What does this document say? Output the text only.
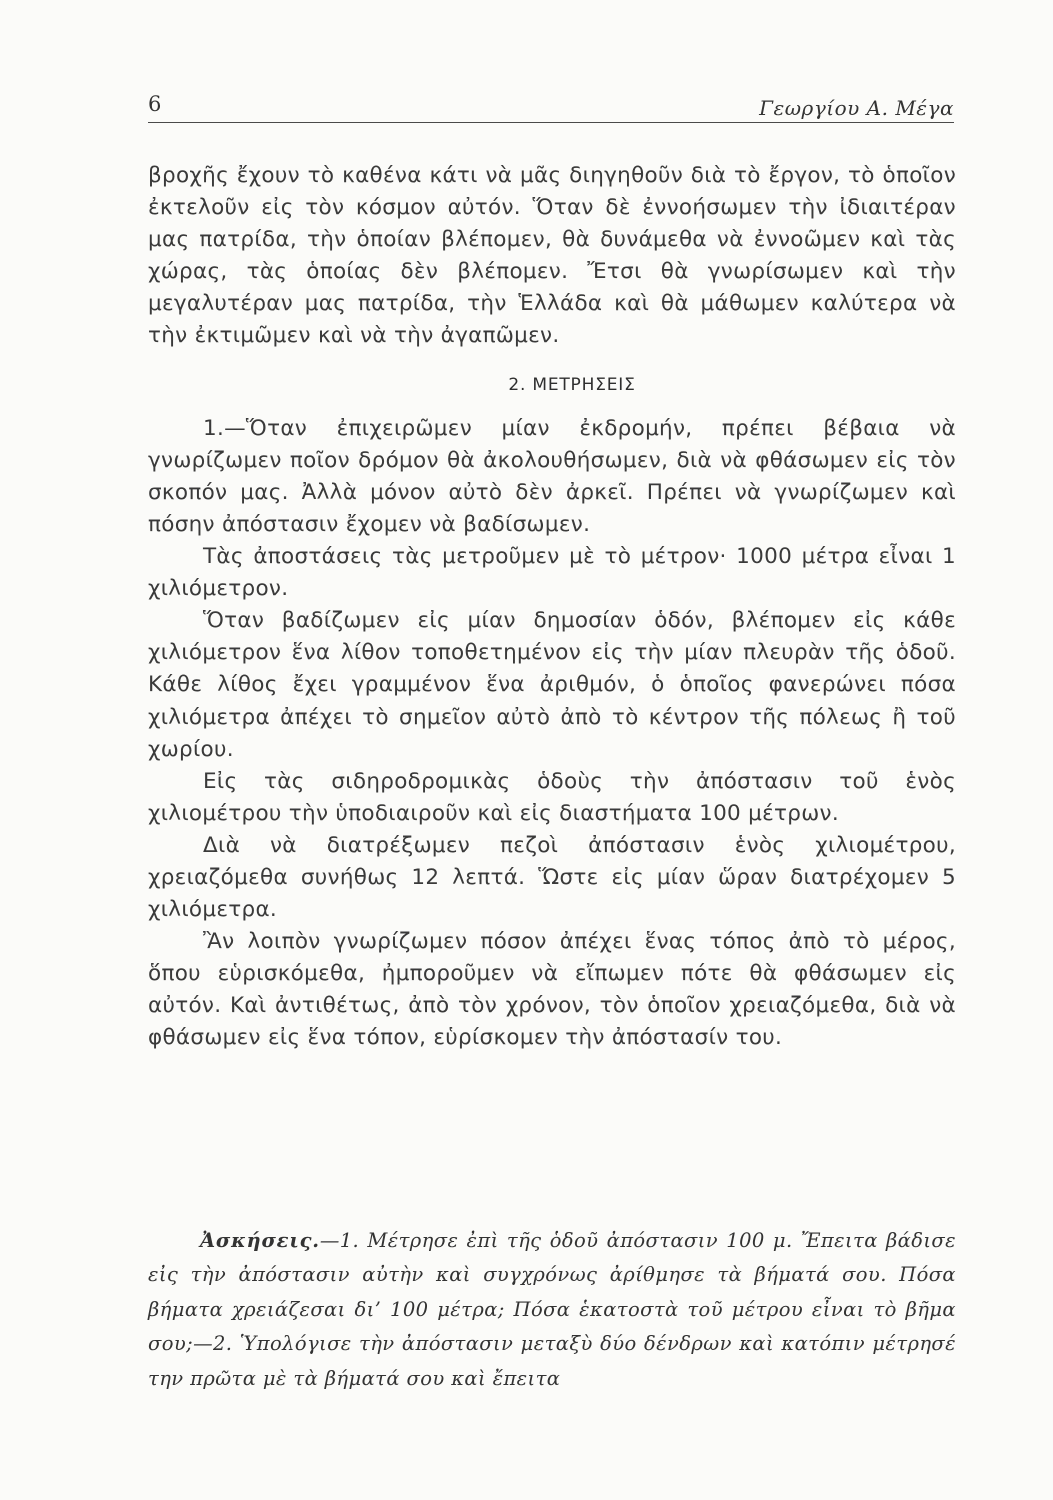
6	Γεωργίου Α. Μέγα

βροχῆς ἔχουν τὸ καθένα κάτι νὰ μᾶς διηγηθοῦν διὰ τὸ ἔργον, τὸ ὁποῖον ἐκτελοῦν εἰς τὸν κόσμον αὐτόν. Ὅταν δὲ ἐννοήσωμεν τὴν ἰδιαιτέραν μας πατρίδα, τὴν ὁποίαν βλέπομεν, θὰ δυνάμεθα νὰ ἐννοῶμεν καὶ τὰς χώρας, τὰς ὁποίας δὲν βλέπομεν. Ἔτσι θὰ γνωρίσωμεν καὶ τὴν μεγαλυτέραν μας πατρίδα, τὴν Ἑλλάδα καὶ θὰ μάθωμεν καλύτερα νὰ τὴν ἐκτιμῶμεν καὶ νὰ τὴν ἀγαπῶμεν.

2. ΜΕΤΡΗΣΕΙΣ

1.—Ὅταν ἐπιχειρῶμεν μίαν ἐκδρομήν, πρέπει βέβαια νὰ γνωρίζωμεν ποῖον δρόμον θὰ ἀκολουθήσωμεν, διὰ νὰ φθάσωμεν εἰς τὸν σκοπόν μας. Ἀλλὰ μόνον αὐτὸ δὲν ἀρκεῖ. Πρέπει νὰ γνωρίζωμεν καὶ πόσην ἀπόστασιν ἔχομεν νὰ βαδίσωμεν.

Τὰς ἀποστάσεις τὰς μετροῦμεν μὲ τὸ μέτρον· 1000 μέτρα εἶναι 1 χιλιόμετρον.

Ὅταν βαδίζωμεν εἰς μίαν δημοσίαν ὁδόν, βλέπομεν εἰς κάθε χιλιόμετρον ἕνα λίθον τοποθετημένον εἰς τὴν μίαν πλευρὰν τῆς ὁδοῦ. Κάθε λίθος ἔχει γραμμένον ἕνα ἀριθμόν, ὁ ὁποῖος φανερώνει πόσα χιλιόμετρα ἀπέχει τὸ σημεῖον αὐτὸ ἀπὸ τὸ κέντρον τῆς πόλεως ἢ τοῦ χωρίου.

Εἰς τὰς σιδηροδρομικὰς ὁδοὺς τὴν ἀπόστασιν τοῦ ἑνὸς χιλιομέτρου τὴν ὑποδιαιροῦν καὶ εἰς διαστήματα 100 μέτρων.

Διὰ νὰ διατρέξωμεν πεζοὶ ἀπόστασιν ἑνὸς χιλιομέτρου, χρειαζόμεθα συνήθως 12 λεπτά. Ὥστε εἰς μίαν ὥραν διατρέχομεν 5 χιλιόμετρα.

Ἂν λοιπὸν γνωρίζωμεν πόσον ἀπέχει ἕνας τόπος ἀπὸ τὸ μέρος, ὅπου εὑρισκόμεθα, ἠμποροῦμεν νὰ εἴπωμεν πότε θὰ φθάσωμεν εἰς αὐτόν. Καὶ ἀντιθέτως, ἀπὸ τὸν χρόνον, τὸν ὁποῖον χρειαζόμεθα, διὰ νὰ φθάσωμεν εἰς ἕνα τόπον, εὑρίσκομεν τὴν ἀπόστασίν του.

Ἀσκήσεις.—1. Μέτρησε ἐπὶ τῆς ὁδοῦ ἀπόστασιν 100 μ. Ἔπειτα βάδισε εἰς τὴν ἀπόστασιν αὐτὴν καὶ συγχρόνως ἀρίθμησε τὰ βήματά σου. Πόσα βήματα χρειάζεσαι δι’ 100 μέτρα; Πόσα ἑκατοστὰ τοῦ μέτρου εἶναι τὸ βῆμα σου;—2. Ὑπολόγισε τὴν ἀπόστασιν μεταξὺ δύο δένδρων καὶ κατόπιν μέτρησέ την πρῶτα μὲ τὰ βήματά σου καὶ ἔπειτα
